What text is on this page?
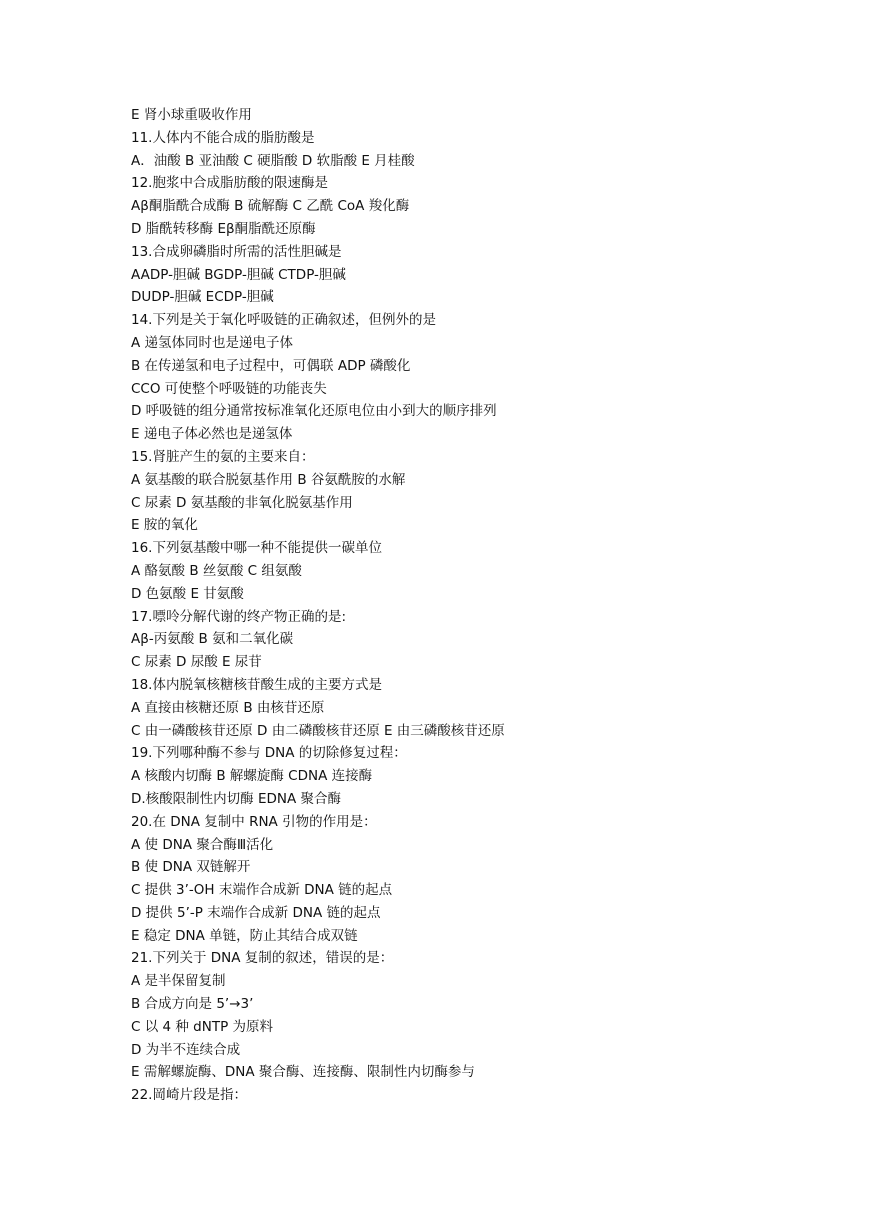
E 肾小球重吸收作用
11.人体内不能合成的脂肪酸是
A．油酸 B 亚油酸 C 硬脂酸 D 软脂酸 E 月桂酸
12.胞浆中合成脂肪酸的限速酶是
Aβ酮脂酰合成酶 B 硫解酶 C 乙酰 CoA 羧化酶
D 脂酰转移酶 Eβ酮脂酰还原酶
13.合成卵磷脂时所需的活性胆碱是
AADP-胆碱 BGDP-胆碱 CTDP-胆碱
DUDP-胆碱 ECDP-胆碱
14.下列是关于氧化呼吸链的正确叙述，但例外的是
A 递氢体同时也是递电子体
B 在传递氢和电子过程中，可偶联 ADP 磷酸化
CCO 可使整个呼吸链的功能丧失
D 呼吸链的组分通常按标准氧化还原电位由小到大的顺序排列
E 递电子体必然也是递氢体
15.肾脏产生的氨的主要来自：
A 氨基酸的联合脱氨基作用 B 谷氨酰胺的水解
C 尿素 D 氨基酸的非氧化脱氨基作用
E 胺的氧化
16.下列氨基酸中哪一种不能提供一碳单位
A 酪氨酸 B 丝氨酸 C 组氨酸
D 色氨酸 E 甘氨酸
17.嘌呤分解代谢的终产物正确的是:
Aβ-丙氨酸 B 氨和二氧化碳
C 尿素 D 尿酸 E 尿苷
18.体内脱氧核糖核苷酸生成的主要方式是
A 直接由核糖还原 B 由核苷还原
C 由一磷酸核苷还原 D 由二磷酸核苷还原 E 由三磷酸核苷还原
19.下列哪种酶不参与 DNA 的切除修复过程：
A 核酸内切酶 B 解螺旋酶 CDNA 连接酶
D.核酸限制性内切酶 EDNA 聚合酶
20.在 DNA 复制中 RNA 引物的作用是：
A 使 DNA 聚合酶Ⅲ活化
B 使 DNA 双链解开
C 提供 3’-OH 末端作合成新 DNA 链的起点
D 提供 5’-P 末端作合成新 DNA 链的起点
E 稳定 DNA 单链，防止其结合成双链
21.下列关于 DNA 复制的叙述，错误的是：
A 是半保留复制
B 合成方向是 5’→3’
C 以 4 种 dNTP 为原料
D 为半不连续合成
E 需解螺旋酶、DNA 聚合酶、连接酶、限制性内切酶参与
22.岡崎片段是指：
